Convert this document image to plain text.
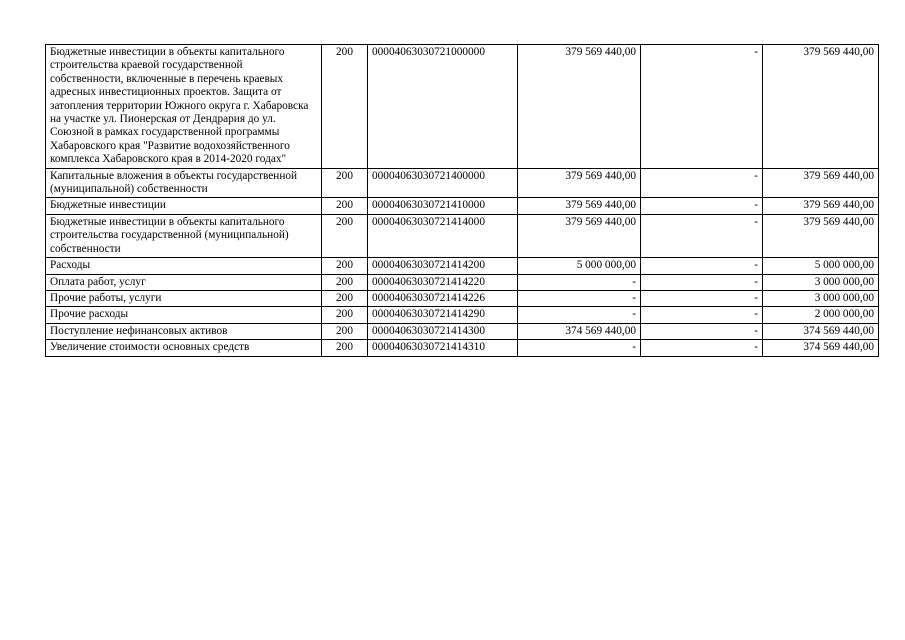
Бюджетные инвестиции в объекты капитального строительства краевой государственной собственности, включенные в перечень краевых адресных инвестиционных проектов. Защита от затопления территории Южного округа г. Хабаровска на участке ул. Пионерская от Дендрария до ул. Союзной в рамках государственной программы Хабаровского края "Развитие водохозяйственного комплекса Хабаровского края в 2014-2020 годах"	200	00004063030721000000	379 569 440,00	-	379 569 440,00
Капитальные вложения в объекты государственной (муниципальной) собственности	200	00004063030721400000	379 569 440,00	-	379 569 440,00
Бюджетные инвестиции	200	00004063030721410000	379 569 440,00	-	379 569 440,00
Бюджетные инвестиции в объекты капитального строительства государственной (муниципальной) собственности	200	00004063030721414000	379 569 440,00	-	379 569 440,00
Расходы	200	00004063030721414200	5 000 000,00	-	5 000 000,00
Оплата работ, услуг	200	00004063030721414220	-	-	3 000 000,00
Прочие работы, услуги	200	00004063030721414226	-	-	3 000 000,00
Прочие расходы	200	00004063030721414290	-	-	2 000 000,00
Поступление нефинансовых активов	200	00004063030721414300	374 569 440,00	-	374 569 440,00
Увеличение стоимости основных средств	200	00004063030721414310	-	-	374 569 440,00
